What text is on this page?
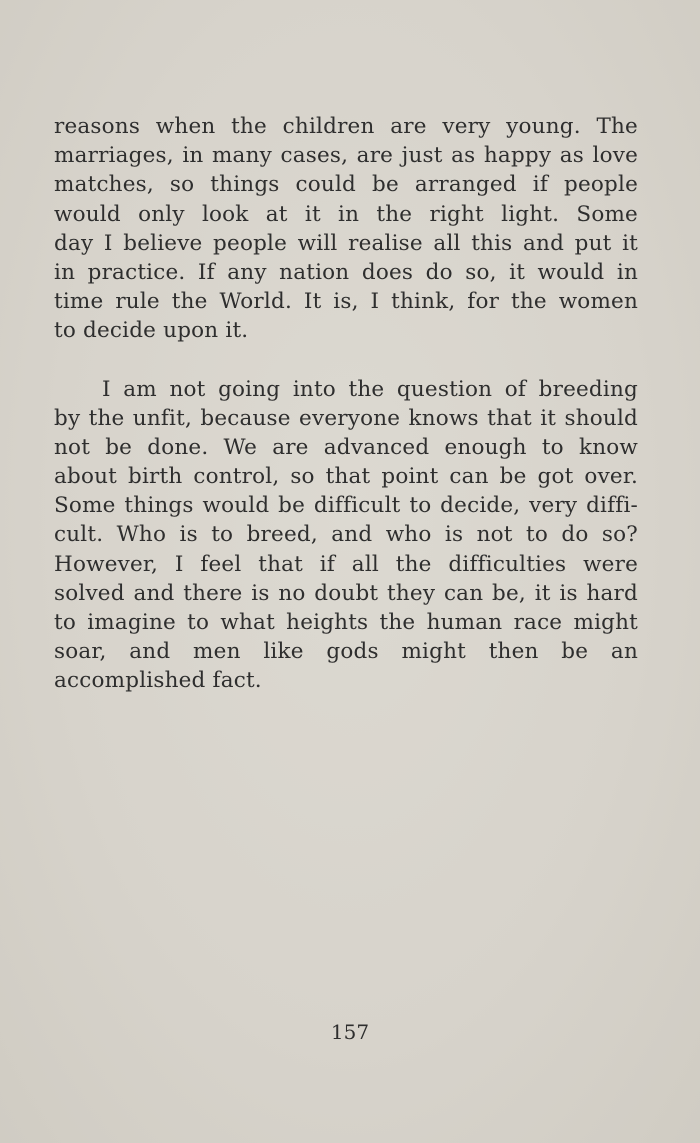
reasons when the children are very young. The
marriages, in many cases, are just as happy as love
matches, so things could be arranged if people
would only look at it in the right light. Some
day I believe people will realise all this and put it
in practice. If any nation does do so, it would in
time rule the World. It is, I think, for the women
to decide upon it.
I am not going into the question of breeding
by the unfit, because everyone knows that it should
not be done. We are advanced enough to know
about birth control, so that point can be got over.
Some things would be difficult to decide, very diffi-
cult. Who is to breed, and who is not to do so?
However, I feel that if all the difficulties were
solved and there is no doubt they can be, it is hard
to imagine to what heights the human race might
soar, and men like gods might then be an
accomplished fact.
157
